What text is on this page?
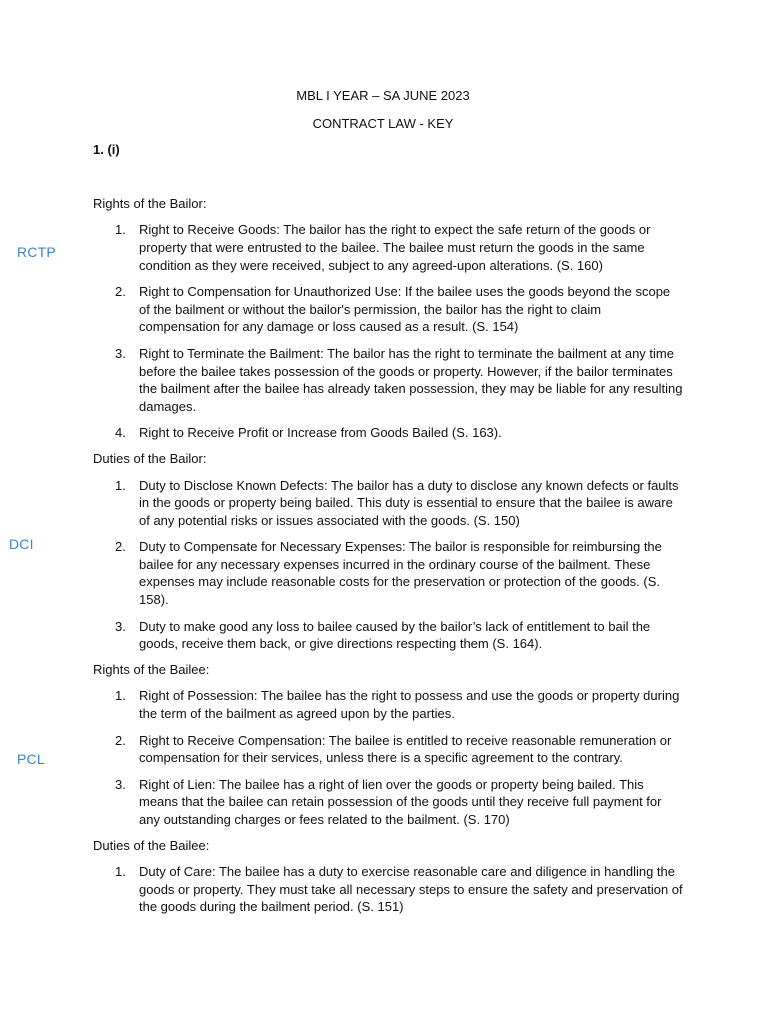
RCTP
DCI
PCL

MBL I YEAR – SA JUNE 2023

CONTRACT LAW - KEY

1. (i)

Rights of the Bailor:

1. Right to Receive Goods: The bailor has the right to expect the safe return of the goods or property that were entrusted to the bailee. The bailee must return the goods in the same condition as they were received, subject to any agreed-upon alterations. (S. 160)
2. Right to Compensation for Unauthorized Use: If the bailee uses the goods beyond the scope of the bailment or without the bailor's permission, the bailor has the right to claim compensation for any damage or loss caused as a result. (S. 154)
3. Right to Terminate the Bailment: The bailor has the right to terminate the bailment at any time before the bailee takes possession of the goods or property. However, if the bailor terminates the bailment after the bailee has already taken possession, they may be liable for any resulting damages.
4. Right to Receive Profit or Increase from Goods Bailed (S. 163).

Duties of the Bailor:

1. Duty to Disclose Known Defects: The bailor has a duty to disclose any known defects or faults in the goods or property being bailed. This duty is essential to ensure that the bailee is aware of any potential risks or issues associated with the goods. (S. 150)
2. Duty to Compensate for Necessary Expenses: The bailor is responsible for reimbursing the bailee for any necessary expenses incurred in the ordinary course of the bailment. These expenses may include reasonable costs for the preservation or protection of the goods. (S. 158).
3. Duty to make good any loss to bailee caused by the bailor’s lack of entitlement to bail the goods, receive them back, or give directions respecting them (S. 164).

Rights of the Bailee:

1. Right of Possession: The bailee has the right to possess and use the goods or property during the term of the bailment as agreed upon by the parties.
2. Right to Receive Compensation: The bailee is entitled to receive reasonable remuneration or compensation for their services, unless there is a specific agreement to the contrary.
3. Right of Lien: The bailee has a right of lien over the goods or property being bailed. This means that the bailee can retain possession of the goods until they receive full payment for any outstanding charges or fees related to the bailment. (S. 170)

Duties of the Bailee:

1. Duty of Care: The bailee has a duty to exercise reasonable care and diligence in handling the goods or property. They must take all necessary steps to ensure the safety and preservation of the goods during the bailment period. (S. 151)
